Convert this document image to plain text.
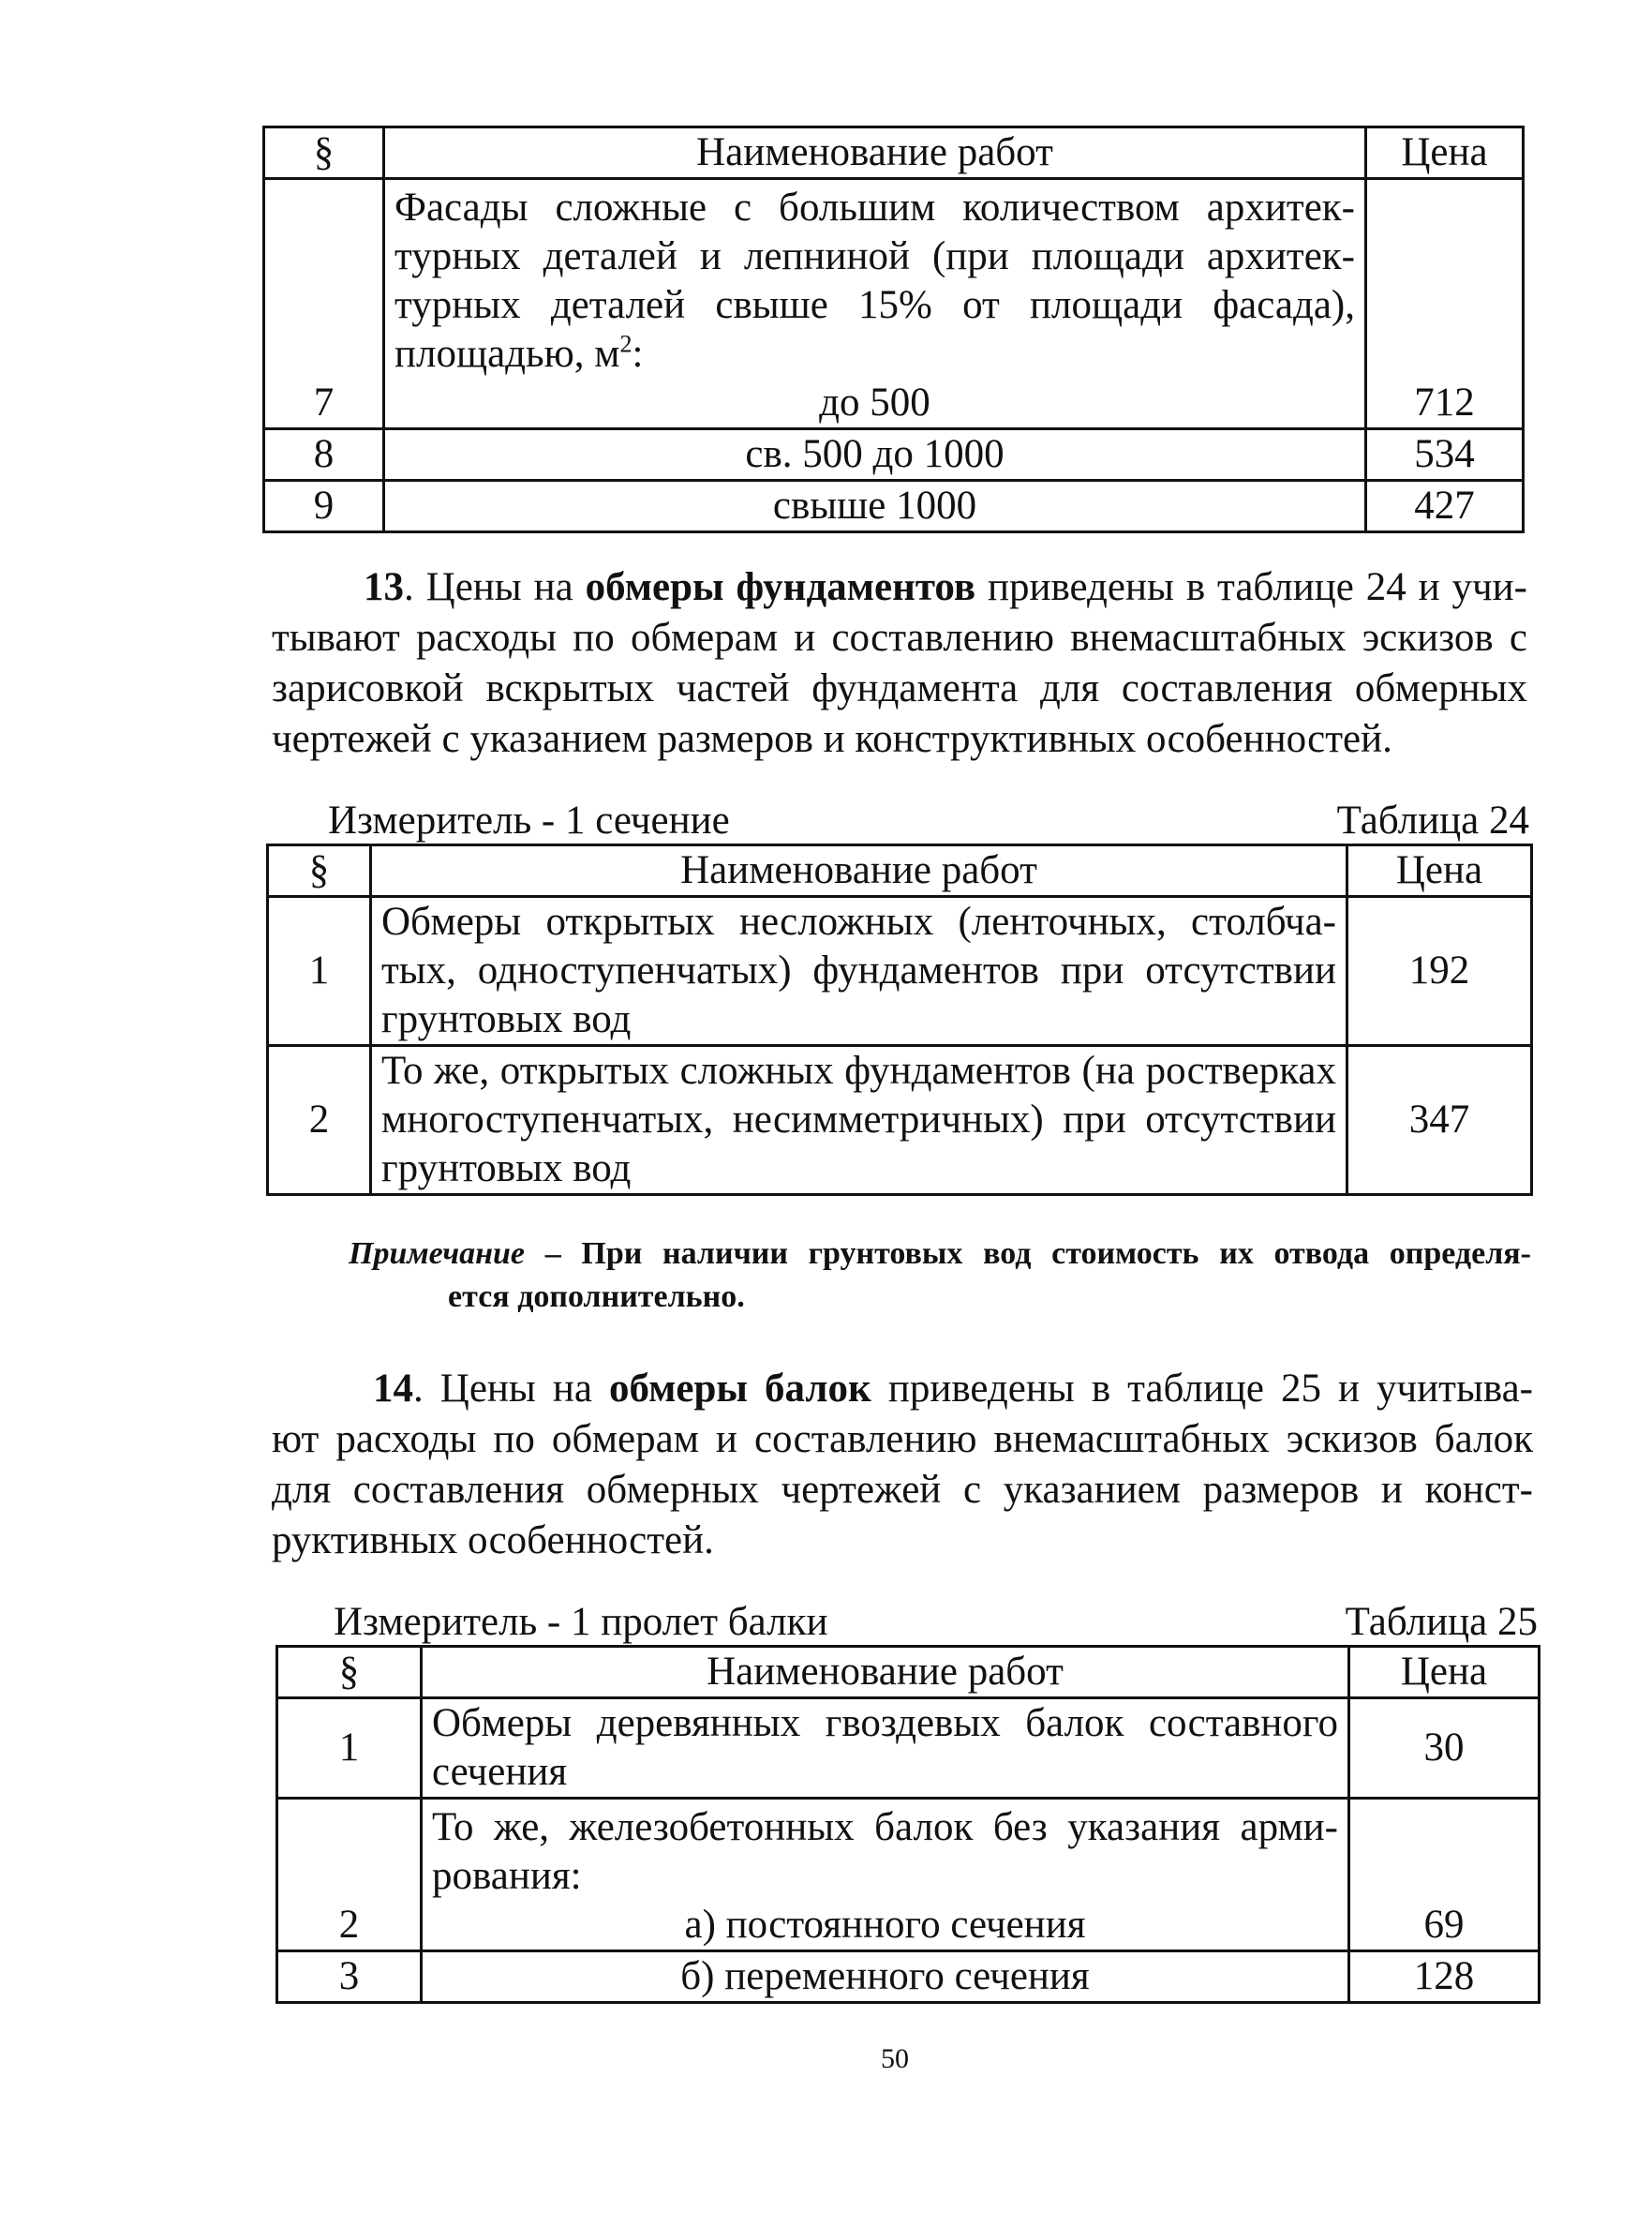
§	Наименование работ	Цена
7	Фасады сложные с большим количеством архитек-
турных деталей и лепниной (при площади архитек-
турных деталей свыше 15% от площади фасада),
площадью, $м^2$:
до 500	712
8	св. 500 до 1000	534
9	свыше 1000	427
13. Цены на обмеры фундаментов приведены в таблице 24 и учи-
тывают расходы по обмерам и составлению внемасштабных эскизов с
зарисовкой вскрытых частей фундамента для составления обмерных
чертежей с указанием размеров и конструктивных особенностей.
Измеритель - 1 сечение	Таблица 24
§	Наименование работ	Цена
1	Обмеры открытых несложных (ленточных, столбча-
тых, одноступенчатых) фундаментов при отсутствии
грунтовых вод	192
2	То же, открытых сложных фундаментов (на ростверках
многоступенчатых, несимметричных) при отсутствии
грунтовых вод	347
Примечание – При наличии грунтовых вод стоимость их отвода определя-
ется дополнительно.
14. Цены на обмеры балок приведены в таблице 25 и учитыва-
ют расходы по обмерам и составлению внемасштабных эскизов балок
для составления обмерных чертежей с указанием размеров и конст-
руктивных особенностей.
Измеритель - 1 пролет балки	Таблица 25
§	Наименование работ	Цена
1	Обмеры деревянных гвоздевых балок составного
сечения	30
2	То же, железобетонных балок без указания арми-
рования:
а) постоянного сечения	69
3	б) переменного сечения	128
50
